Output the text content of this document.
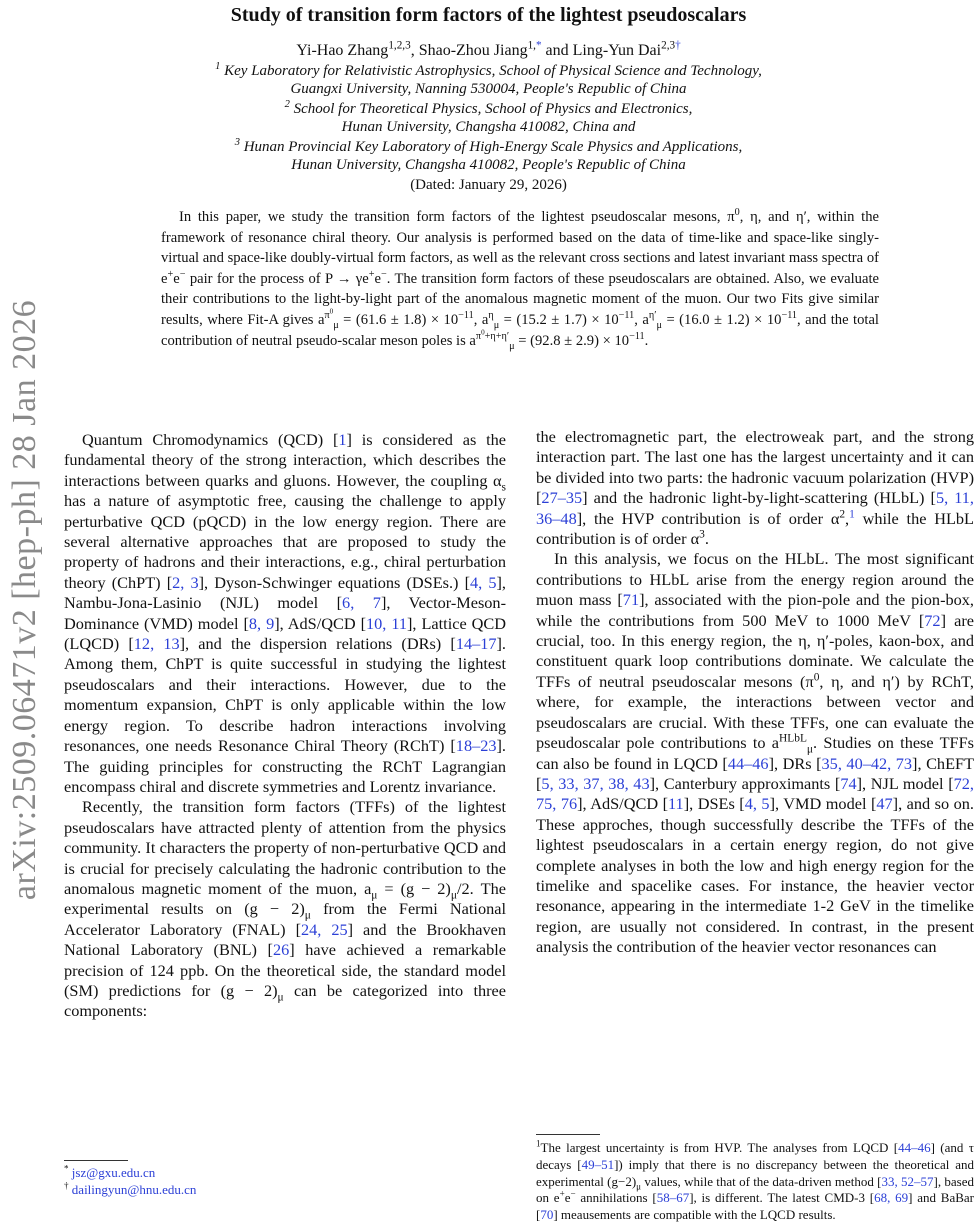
arXiv:2509.06471v2 [hep-ph] 28 Jan 2026
Study of transition form factors of the lightest pseudoscalars
Yi-Hao Zhang$^{1,2,3}$, Shao-Zhou Jiang$^{1,*}$ and Ling-Yun Dai$^{2,3\dagger}$
$^1$ Key Laboratory for Relativistic Astrophysics, School of Physical Science and Technology,
Guangxi University, Nanning 530004, People's Republic of China
$^2$ School for Theoretical Physics, School of Physics and Electronics,
Hunan University, Changsha 410082, China and
$^3$ Hunan Provincial Key Laboratory of High-Energy Scale Physics and Applications,
Hunan University, Changsha 410082, People's Republic of China
(Dated: January 29, 2026)

In this paper, we study the transition form factors of the lightest pseudoscalar mesons, $\pi^0$, η, and η′, within the framework of resonance chiral theory. Our analysis is performed based on the data of time-like and space-like singly-virtual and space-like doubly-virtual form factors, as well as the relevant cross sections and latest invariant mass spectra of e+e− pair for the process of P → γe+e−. The transition form factors of these pseudoscalars are obtained. Also, we evaluate their contributions to the light-by-light part of the anomalous magnetic moment of the muon. Our two Fits give similar results, where Fit-A gives $a^{\pi^0}_\mu = (61.6 \pm 1.8) \times 10^{-11}$, $a^\eta_\mu = (15.2 \pm 1.7) \times 10^{-11}$, $a^{\eta'}_\mu = (16.0 \pm 1.2) \times 10^{-11}$, and the total contribution of neutral pseudo-scalar meson poles is $a^{\pi^0+\eta+\eta'}_\mu = (92.8 \pm 2.9) \times 10^{-11}$.

Quantum Chromodynamics (QCD) [1] is considered as the fundamental theory of the strong interaction, which describes the interactions between quarks and gluons. However, the coupling $\alpha_s$ has a nature of asymptotic free, causing the challenge to apply perturbative QCD (pQCD) in the low energy region. There are several alternative approaches that are proposed to study the property of hadrons and their interactions, e.g., chiral perturbation theory (ChPT) [2, 3], Dyson-Schwinger equations (DSEs.) [4, 5], Nambu-Jona-Lasinio (NJL) model [6, 7], Vector-Meson-Dominance (VMD) model [8, 9], AdS/QCD [10, 11], Lattice QCD (LQCD) [12, 13], and the dispersion relations (DRs) [14–17]. Among them, ChPT is quite successful in studying the lightest pseudoscalars and their interactions. However, due to the momentum expansion, ChPT is only applicable within the low energy region. To describe hadron interactions involving resonances, one needs Resonance Chiral Theory (RChT) [18–23]. The guiding principles for constructing the RChT Lagrangian encompass chiral and discrete symmetries and Lorentz invariance.

Recently, the transition form factors (TFFs) of the lightest pseudoscalars have attracted plenty of attention from the physics community. It characters the property of non-perturbative QCD and is crucial for precisely calculating the hadronic contribution to the anomalous magnetic moment of the muon, $a_\mu = (g - 2)_\mu/2$. The experimental results on $(g - 2)_\mu$ from the Fermi National Accelerator Laboratory (FNAL) [24, 25] and the Brookhaven National Laboratory (BNL) [26] have achieved a remarkable precision of 124 ppb. On the theoretical side, the standard model (SM) predictions for $(g - 2)_\mu$ can be categorized into three components:

the electromagnetic part, the electroweak part, and the strong interaction part. The last one has the largest uncertainty and it can be divided into two parts: the hadronic vacuum polarization (HVP) [27–35] and the hadronic light-by-light-scattering (HLbL) [5, 11, 36–48], the HVP contribution is of order $\alpha^2,^1$ while the HLbL contribution is of order $\alpha^3$.

In this analysis, we focus on the HLbL. The most significant contributions to HLbL arise from the energy region around the muon mass [71], associated with the pion-pole and the pion-box, while the contributions from 500 MeV to 1000 MeV [72] are crucial, too. In this energy region, the η, η′-poles, kaon-box, and constituent quark loop contributions dominate. We calculate the TFFs of neutral pseudoscalar mesons ($\pi^0$, η, and η′) by RChT, where, for example, the interactions between vector and pseudoscalars are crucial. With these TFFs, one can evaluate the pseudoscalar pole contributions to $a^{HLbL}_\mu$. Studies on these TFFs can also be found in LQCD [44–46], DRs [35, 40–42, 73], ChEFT [5, 33, 37, 38, 43], Canterbury approximants [74], NJL model [72, 75, 76], AdS/QCD [11], DSEs [4, 5], VMD model [47], and so on. These approches, though successfully describe the TFFs of the lightest pseudoscalars in a certain energy region, do not give complete analyses in both the low and high energy region for the timelike and spacelike cases. For instance, the heavier vector resonance, appearing in the intermediate 1-2 GeV in the timelike region, are usually not considered. In contrast, in the present analysis the contribution of the heavier vector resonances can

$^1$The largest uncertainty is from HVP. The analyses from LQCD [44–46] (and τ decays [49–51]) imply that there is no discrepancy between the theoretical and experimental $(g-2)_\mu$ values, while that of the data-driven method [33, 52–57], based on e+e− annihilations [58–67], is different. The latest CMD-3 [68, 69] and BaBar [70] meausements are compatible with the LQCD results.
* jsz@gxu.edu.cn
† dailingyun@hnu.edu.cn
